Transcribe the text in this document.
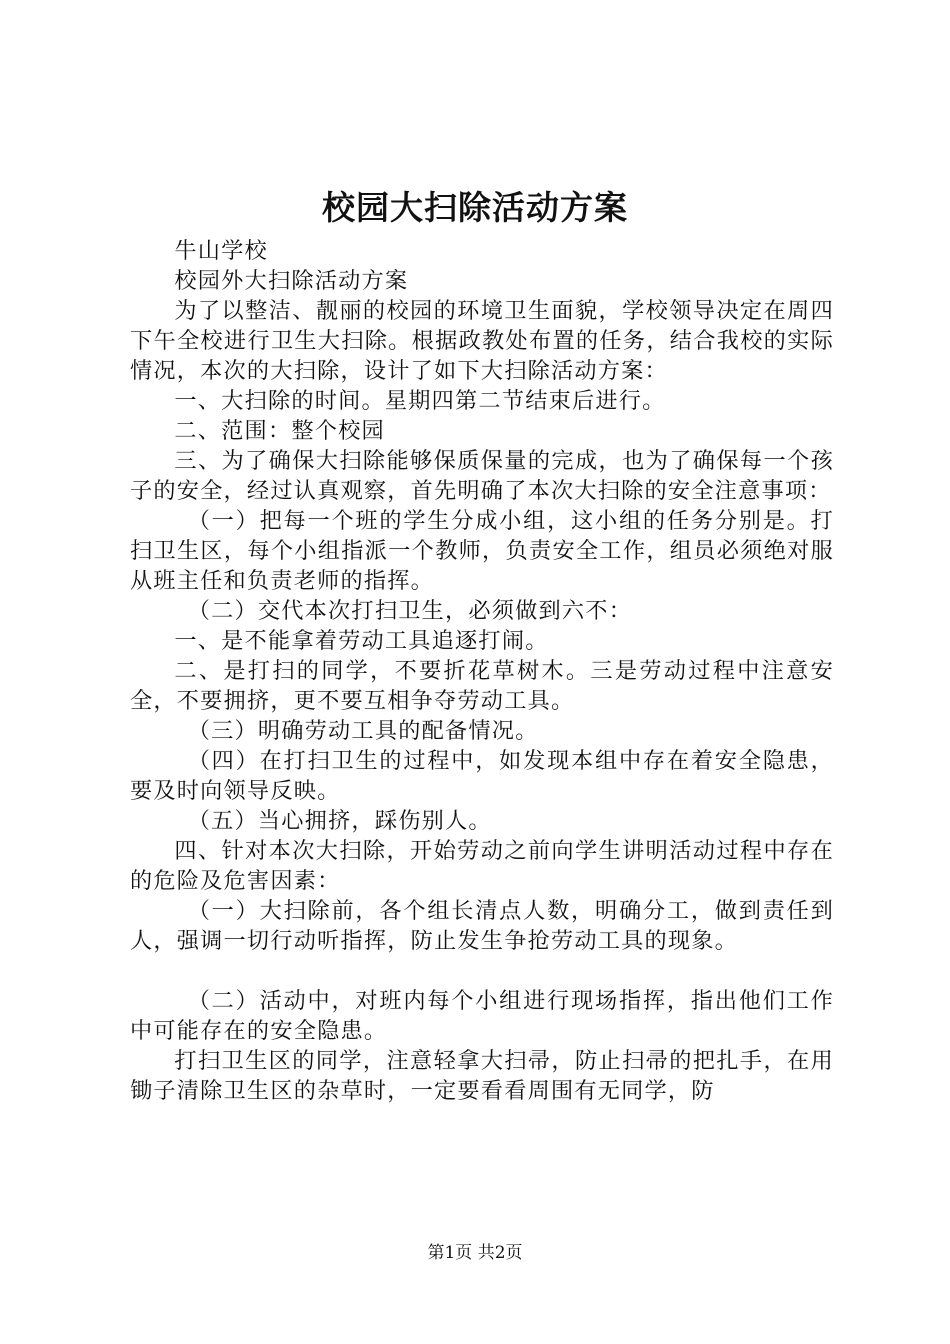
校园大扫除活动方案

牛山学校

校园外大扫除活动方案

为了以整洁、靓丽的校园的环境卫生面貌，学校领导决定在周四下午全校进行卫生大扫除。根据政教处布置的任务，结合我校的实际情况，本次的大扫除，设计了如下大扫除活动方案：

一、大扫除的时间。星期四第二节结束后进行。

二、范围：整个校园

三、为了确保大扫除能够保质保量的完成，也为了确保每一个孩子的安全，经过认真观察，首先明确了本次大扫除的安全注意事项：

（一）把每一个班的学生分成小组，这小组的任务分别是。打扫卫生区，每个小组指派一个教师，负责安全工作，组员必须绝对服从班主任和负责老师的指挥。

（二）交代本次打扫卫生，必须做到六不：

一、是不能拿着劳动工具追逐打闹。

二、是打扫的同学，不要折花草树木。三是劳动过程中注意安全，不要拥挤，更不要互相争夺劳动工具。

（三）明确劳动工具的配备情况。

（四）在打扫卫生的过程中，如发现本组中存在着安全隐患，要及时向领导反映。

（五）当心拥挤，踩伤别人。

四、针对本次大扫除，开始劳动之前向学生讲明活动过程中存在的危险及危害因素：

（一）大扫除前，各个组长清点人数，明确分工，做到责任到人，强调一切行动听指挥，防止发生争抢劳动工具的现象。

（二）活动中，对班内每个小组进行现场指挥，指出他们工作中可能存在的安全隐患。

打扫卫生区的同学，注意轻拿大扫帚，防止扫帚的把扎手，在用锄子清除卫生区的杂草时，一定要看看周围有无同学，防

第1页 共2页
